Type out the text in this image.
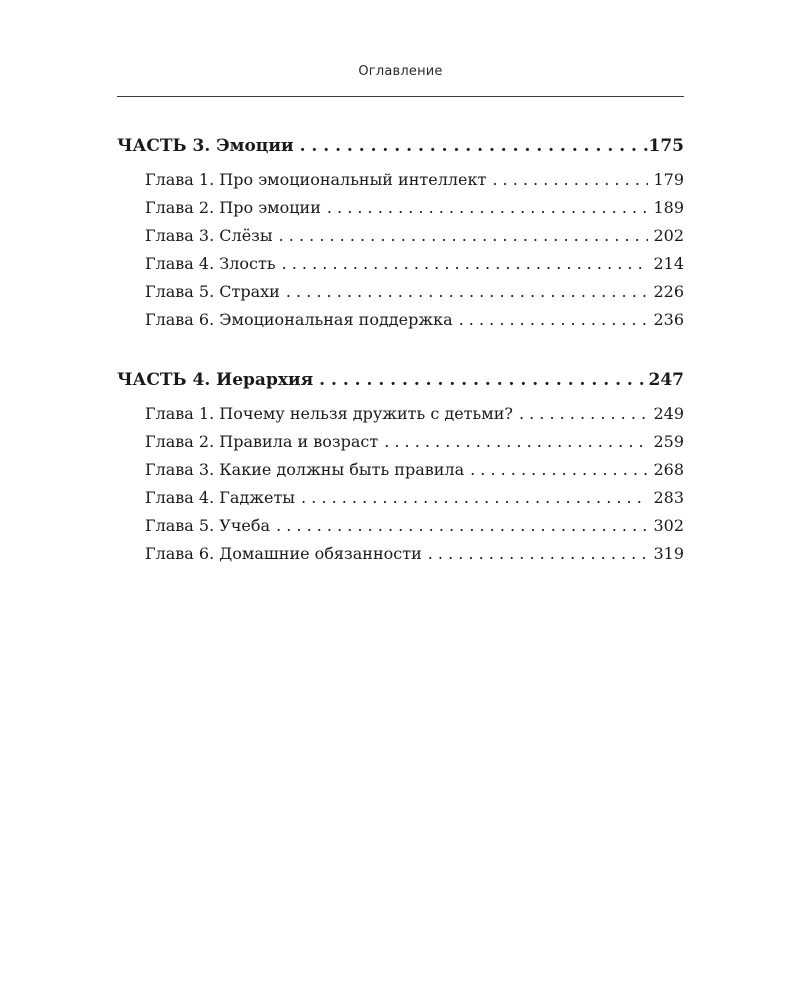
Оглавление
ЧАСТЬ 3. Эмоции . . .	175
Глава 1. Про эмоциональный интеллект . . .	179
Глава 2. Про эмоции . . .	189
Глава 3. Слёзы . . .	202
Глава 4. Злость . . .	214
Глава 5. Страхи . . .	226
Глава 6. Эмоциональная поддержка . . .	236
ЧАСТЬ 4. Иерархия . . .	247
Глава 1. Почему нельзя дружить с детьми? . . .	249
Глава 2. Правила и возраст . . .	259
Глава 3. Какие должны быть правила . . .	268
Глава 4. Гаджеты . . .	283
Глава 5. Учеба . . .	302
Глава 6. Домашние обязанности . . .	319
